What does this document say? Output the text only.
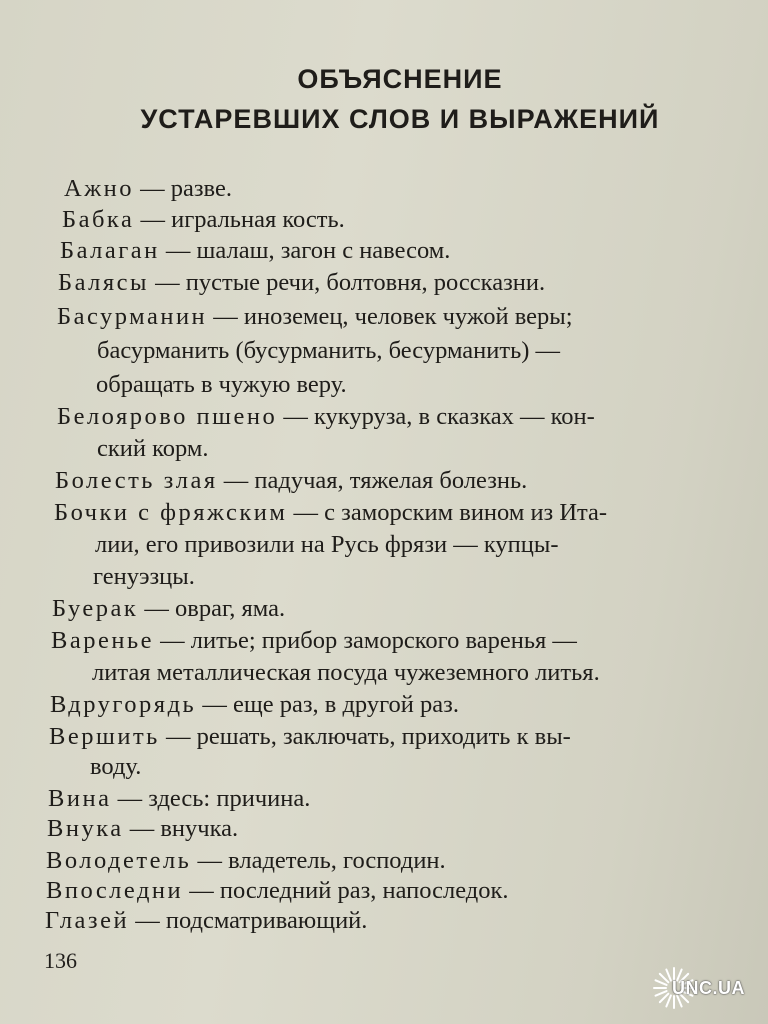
ОБЪЯСНЕНИЕ
УСТАРЕВШИХ СЛОВ И ВЫРАЖЕНИЙ
Ажно — разве.
Бабка — игральная кость.
Балаган — шалаш, загон с навесом.
Балясы — пустые речи, болтовня, россказни.
Басурманин — иноземец, человек чужой веры;
басурманить (бусурманить, бесурманить) —
обращать в чужую веру.
Белоярово пшено — кукуруза, в сказках — кон-
ский корм.
Болесть злая — падучая, тяжелая болезнь.
Бочки с фряжским — с заморским вином из Ита-
лии, его привозили на Русь фрязи — купцы-
генуэзцы.
Буерак — овраг, яма.
Варенье — литье; прибор заморского варенья —
литая металлическая посуда чужеземного литья.
Вдругорядь — еще раз, в другой раз.
Вершить — решать, заключать, приходить к вы-
воду.
Вина — здесь: причина.
Внука — внучка.
Володетель — владетель, господин.
Впоследни — последний раз, напоследок.
Глазей — подсматривающий.
136
UNC.UA
